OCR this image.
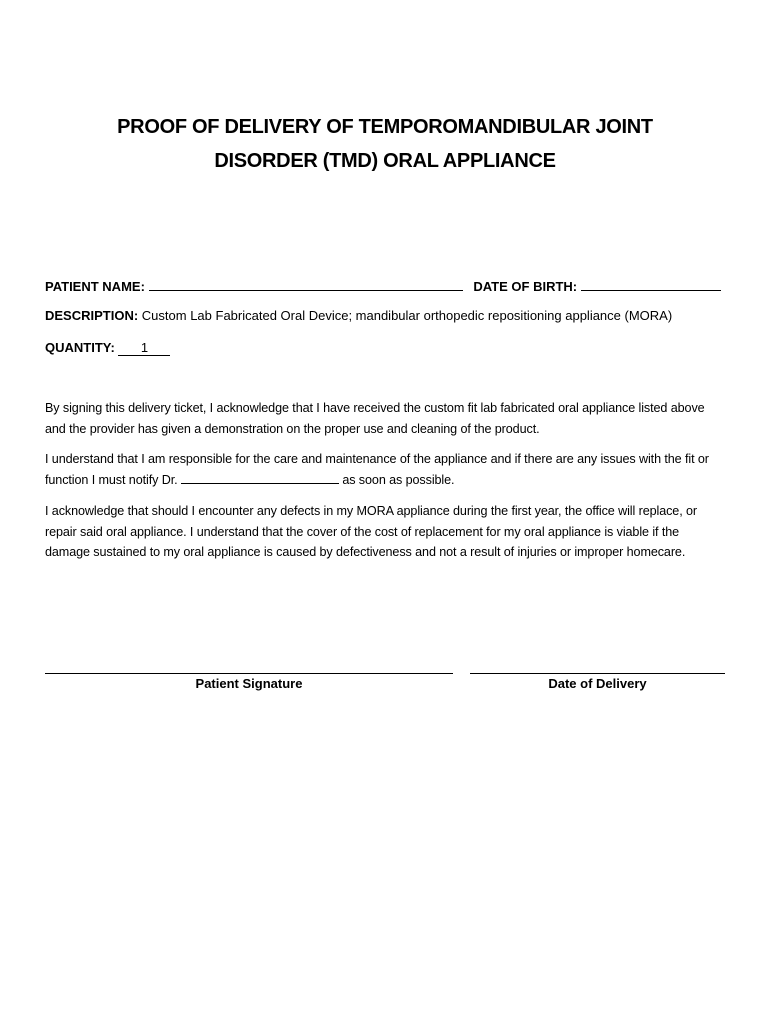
PROOF OF DELIVERY OF TEMPOROMANDIBULAR JOINT
DISORDER (TMD) ORAL APPLIANCE
PATIENT NAME:	DATE OF BIRTH:
DESCRIPTION: Custom Lab Fabricated Oral Device; mandibular orthopedic repositioning appliance (MORA)
QUANTITY: 1
By signing this delivery ticket, I acknowledge that I have received the custom fit lab fabricated oral appliance listed above and the provider has given a demonstration on the proper use and cleaning of the product.
I understand that I am responsible for the care and maintenance of the appliance and if there are any issues with the fit or function I must notify Dr.	as soon as possible.
I acknowledge that should I encounter any defects in my MORA appliance during the first year, the office will replace, or repair said oral appliance. I understand that the cover of the cost of replacement for my oral appliance is viable if the damage sustained to my oral appliance is caused by defectiveness and not a result of injuries or improper homecare.
Patient Signature	Date of Delivery
